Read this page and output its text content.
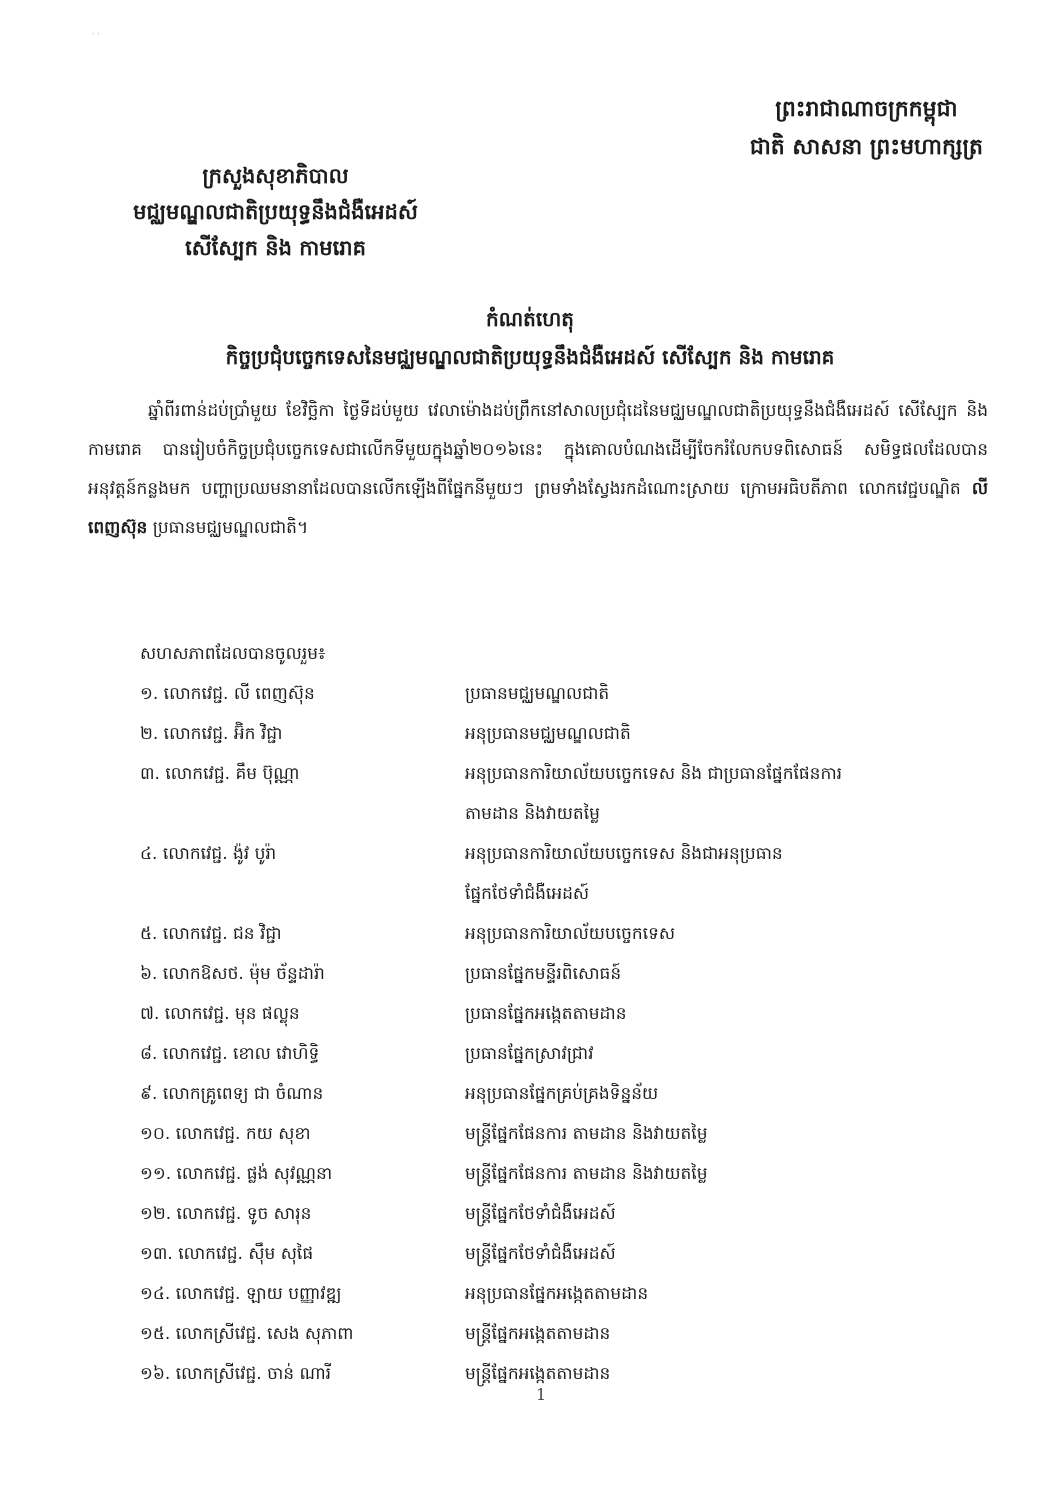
' '
ព្រះរាជាណាចក្រកម្ពុជា
ជាតិ សាសនា ព្រះមហាក្សត្រ
ក្រសួងសុខាភិបាល
មជ្ឈមណ្ឌលជាតិប្រយុទ្ធនឹងជំងឺអេដស៍
សើស្បែក និង កាមរោគ
កំណត់ហេតុ
កិច្ចប្រជុំបច្ចេកទេសនៃមជ្ឈមណ្ឌលជាតិប្រយុទ្ធនឹងជំងឺអេដស៍ សើស្បែក និង កាមរោគ
ឆ្នាំពីរពាន់ដប់ប្រាំមួយ ខែវិច្ឆិកា ថ្ងៃទីដប់មួយ វេលាម៉ោងដប់ព្រឹកនៅសាលប្រជុំដេនៃមជ្ឈមណ្ឌលជាតិប្រយុទ្ធនឹងជំងឺអេដស៍ សើស្បែក និង កាមរោគ បានរៀបចំកិច្ចប្រជុំបច្ចេកទេសជាលើកទីមួយក្នុងឆ្នាំ២០១៦នេះ ក្នុងគោលបំណងដើម្បីចែករំលែកបទពិសោធន៍ សមិទ្ធផលដែលបាន អនុវត្តន៍កន្លងមក បញ្ហាប្រឈមនានាដែលបានលើកឡើងពីផ្នែកនីមួយៗ ព្រមទាំងស្វែងរកដំណោះស្រាយ ក្រោមអធិបតីភាព លោកវេជ្ជបណ្ឌិត លី ពេញស៊ុន ប្រធានមជ្ឈមណ្ឌលជាតិ។

សហសភាពដែលបានចូលរួម៖

១. លោកវេជ្ជ. លី ពេញស៊ុន	ប្រធានមជ្ឈមណ្ឌលជាតិ
២. លោកវេជ្ជ. អ៊ិក វិជ្ជា	អនុប្រធានមជ្ឈមណ្ឌលជាតិ
៣. លោកវេជ្ជ. គឹម ប៊ុណ្ណា	អនុប្រធានការិយាល័យបច្ចេកទេស និង ជាប្រធានផ្នែកផែនការ
តាមដាន និងវាយតម្លៃ
៤. លោកវេជ្ជ. ង៉ូវ បូរ៉ា	អនុប្រធានការិយាល័យបច្ចេកទេស និងជាអនុប្រធាន
ផ្នែកថែទាំជំងឺអេដស៍
៥. លោកវេជ្ជ. ជន វិជ្ជា	អនុប្រធានការិយាល័យបច្ចេកទេស
៦. លោកឱសថ. ម៉ុម ច័ន្ទដារ៉ា	ប្រធានផ្នែកមន្ទីរពិសោធន៍
៧. លោកវេជ្ជ. មុន ផល្លុន	ប្រធានផ្នែកអង្កេតតាមដាន
៨. លោកវេជ្ជ. ខោល វោហិទ្ធិ	ប្រធានផ្នែកស្រាវជ្រាវ
៩. លោកគ្រូពេទ្យ ជា ចំណាន	អនុប្រធានផ្នែកគ្រប់គ្រងទិន្នន័យ
១០. លោកវេជ្ជ. កយ សុខា	មន្ត្រីផ្នែកផែនការ តាមដាន និងវាយតម្លៃ
១១. លោកវេជ្ជ. ផ្លង់ សុវណ្ណនា	មន្ត្រីផ្នែកផែនការ តាមដាន និងវាយតម្លៃ
១២. លោកវេជ្ជ. ទូច សារុន	មន្ត្រីផ្នែកថែទាំជំងឺអេដស៍
១៣. លោកវេជ្ជ. ស៊ឹម សុផៃ	មន្ត្រីផ្នែកថែទាំជំងឺអេដស៍
១៤. លោកវេជ្ជ. ឡាយ បញ្ញាវឌ្ឍ	អនុប្រធានផ្នែកអង្កេតតាមដាន
១៥. លោកស្រីវេជ្ជ. សេង សុភាពា	មន្ត្រីផ្នែកអង្កេតតាមដាន
១៦. លោកស្រីវេជ្ជ. ចាន់ ណារី	មន្ត្រីផ្នែកអង្កេតតាមដាន
1
